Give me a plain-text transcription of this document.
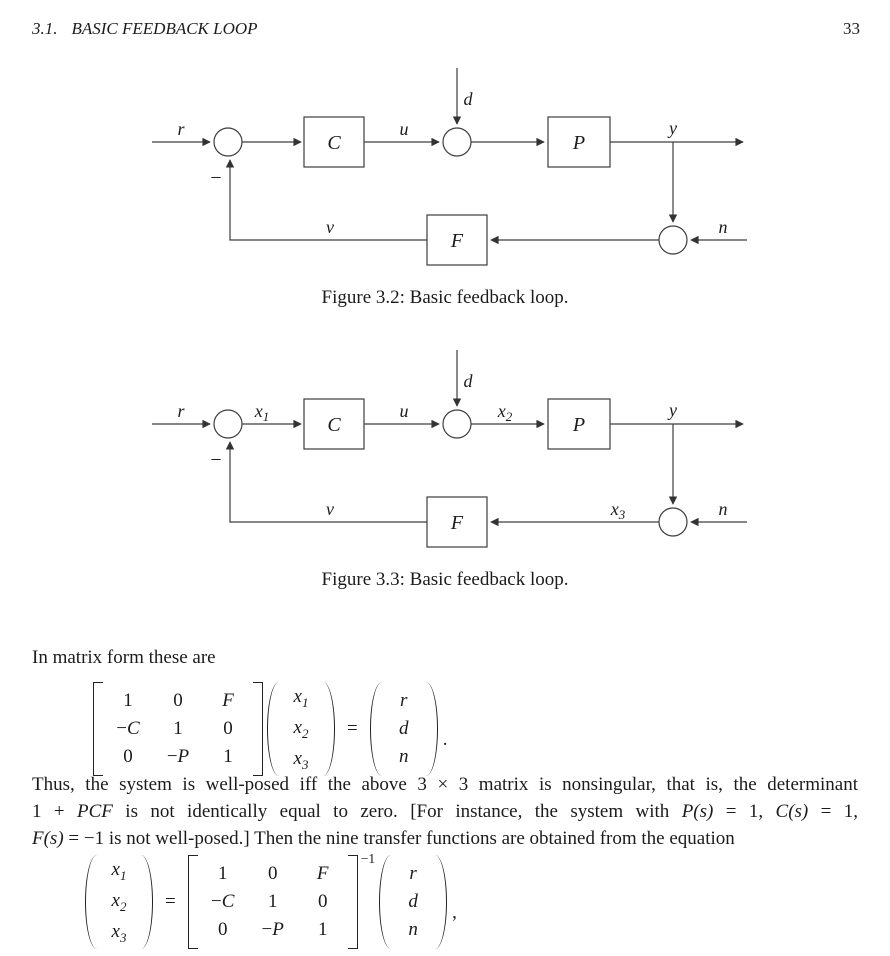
3.1. BASIC FEEDBACK LOOP	33
C	P
F
r	u
d
y
v	n
−
Figure 3.2: Basic feedback loop.
C	P
F
r	u
d
y
v	n
−
$x_1$	$x_2$
$x_3$
Figure 3.3: Basic feedback loop.
In matrix form these are
1	0	F
−C	1	0
0	−P	1
$x_1$
$x_2$
$x_3$
=
r
d
n
.
Thus, the system is well-posed iff the above 3 × 3 matrix is nonsingular, that is, the determinant
1 + PCF is not identically equal to zero. [For instance, the system with P(s) = 1, C(s) = 1,
F(s) = −1 is not well-posed.] Then the nine transfer functions are obtained from the equation
$x_1$
$x_2$
$x_3$
=
1	0	F
−C	1	0
0	−P	1
−1
r
d
n
,
